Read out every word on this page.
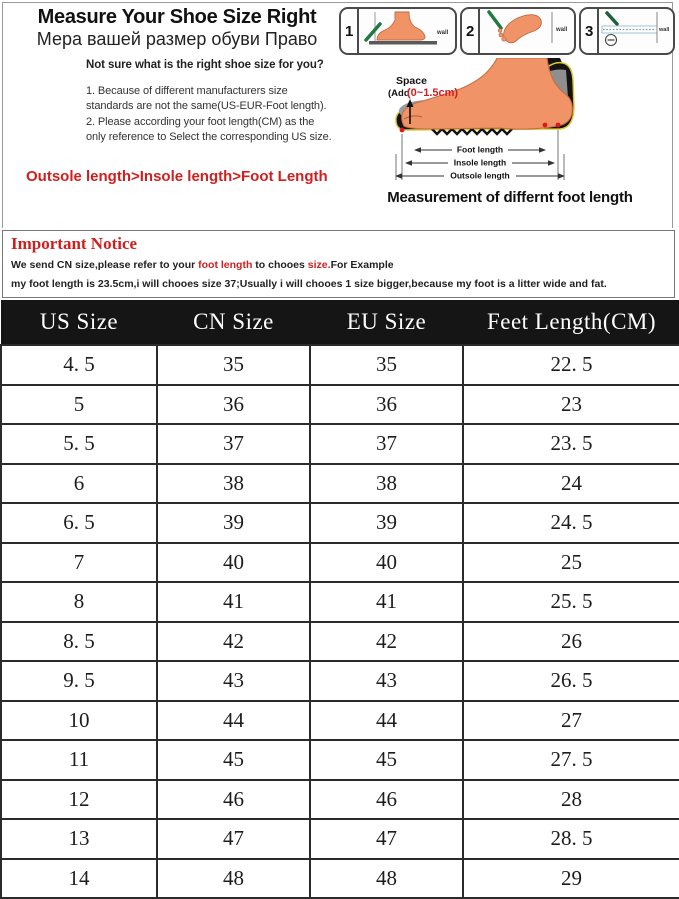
Measure Your Shoe Size Right
Мера вашей размер обуви Право
Not sure what is the right shoe size for you?
1. Because of different manufacturers size standards are not the same(US-EUR-Foot length).
2. Please according your foot length(CM) as the only reference to Select the corresponding US size.
Outsole length>Insole length>Foot Length
1	wall 2	wall 3	wall
Space
(Add
(0~1.5cm)
Foot length
Insole length
Outsole length
Measurement of differnt foot length
Important Notice
We send CN size,please refer to your foot length to chooes size.For Example
my foot length is 23.5cm,i will chooes size 37;Usually i will chooes 1 size bigger,because my foot is a litter wide and fat.
US Size	CN Size	EU Size	Feet Length(CM)
4. 5	35	35	22. 5
5	36	36	23
5. 5	37	37	23. 5
6	38	38	24
6. 5	39	39	24. 5
7	40	40	25
8	41	41	25. 5
8. 5	42	42	26
9. 5	43	43	26. 5
10	44	44	27
11	45	45	27. 5
12	46	46	28
13	47	47	28. 5
14	48	48	29
